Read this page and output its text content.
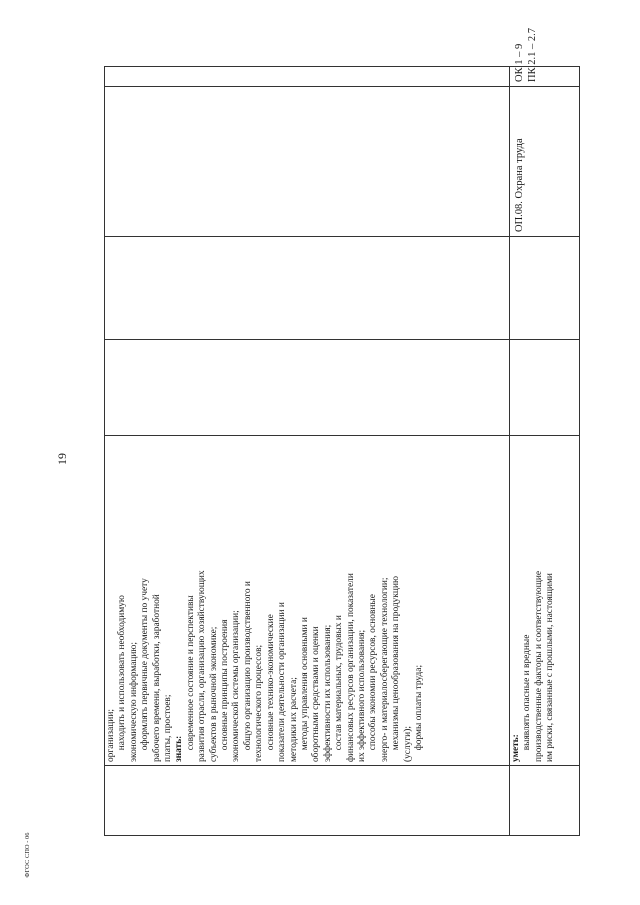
19
организации; находить и использовать необходимую экономическую информацию; оформлять первичные документы по учету рабочего времени, выработки, заработной платы, простоев; знать: современное состояние и перспективы развития отрасли, организацию хозяйствующих субъектов в рыночной экономике; основные принципы построения экономической системы организации; общую организацию производственного и технологического процессов; основные технико-экономические показатели деятельности организации и методики их расчета; методы управления основными и оборотными средствами и оценки эффективности их использования; состав материальных, трудовых и финансовых ресурсов организации, показатели их эффективного использования; способы экономии ресурсов, основные энерго- и материалосберегающие технологии; механизмы ценообразования на продукцию (услуги); формы оплаты труда;	уметь: выявлять опасные и вредные производственные факторы и соответствующие им риски, связанные с прошлыми, настоящими
ОП.08. Охрана труда
ОК 1 – 9 ПК 2.1 – 2.7
ФГОС СПО - 06
